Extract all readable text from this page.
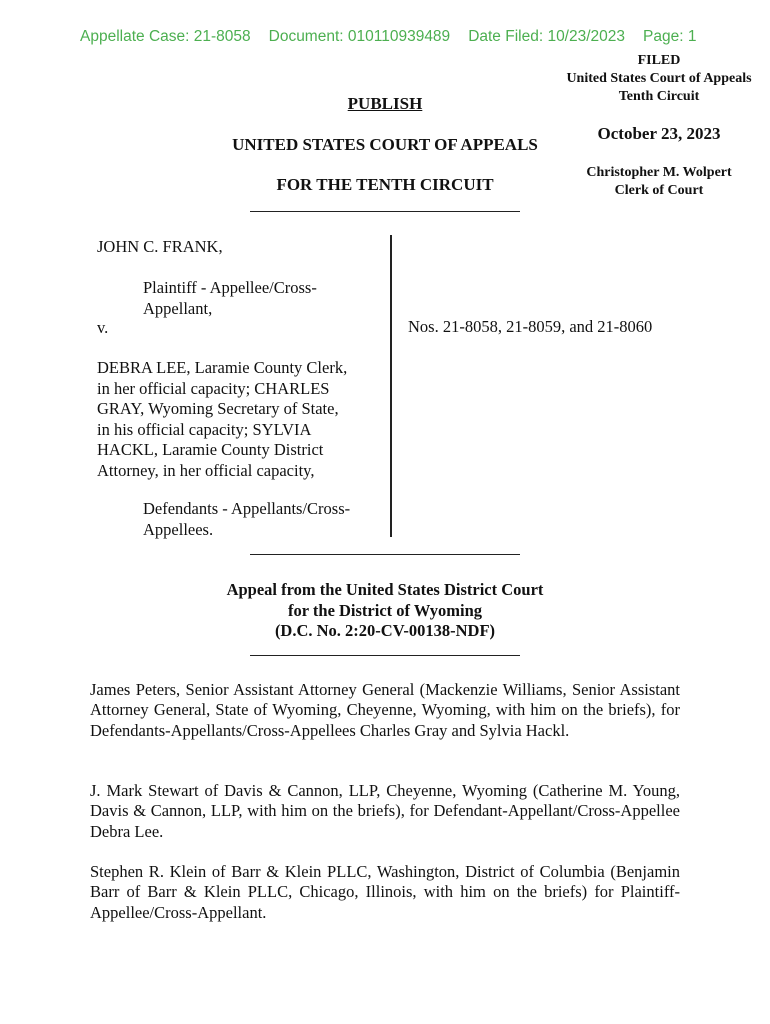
Appellate Case: 21-8058 Document: 010110939489 Date Filed: 10/23/2023 Page: 1
FILED
United States Court of Appeals
Tenth Circuit
October 23, 2023
Christopher M. Wolpert
Clerk of Court
PUBLISH
UNITED STATES COURT OF APPEALS
FOR THE TENTH CIRCUIT
JOHN C. FRANK,
Plaintiff - Appellee/Cross-
Appellant,
v.
DEBRA LEE, Laramie County Clerk,
in her official capacity; CHARLES
GRAY, Wyoming Secretary of State,
in his official capacity; SYLVIA
HACKL, Laramie County District
Attorney, in her official capacity,
Defendants - Appellants/Cross-
Appellees.
Nos. 21-8058, 21-8059, and 21-8060
Appeal from the United States District Court
for the District of Wyoming
(D.C. No. 2:20-CV-00138-NDF)
James Peters, Senior Assistant Attorney General (Mackenzie Williams, Senior Assistant Attorney General, State of Wyoming, Cheyenne, Wyoming, with him on the briefs), for Defendants-Appellants/Cross-Appellees Charles Gray and Sylvia Hackl.
J. Mark Stewart of Davis & Cannon, LLP, Cheyenne, Wyoming (Catherine M. Young, Davis & Cannon, LLP, with him on the briefs), for Defendant-Appellant/Cross-Appellee Debra Lee.
Stephen R. Klein of Barr & Klein PLLC, Washington, District of Columbia (Benjamin Barr of Barr & Klein PLLC, Chicago, Illinois, with him on the briefs) for Plaintiff-Appellee/Cross-Appellant.
